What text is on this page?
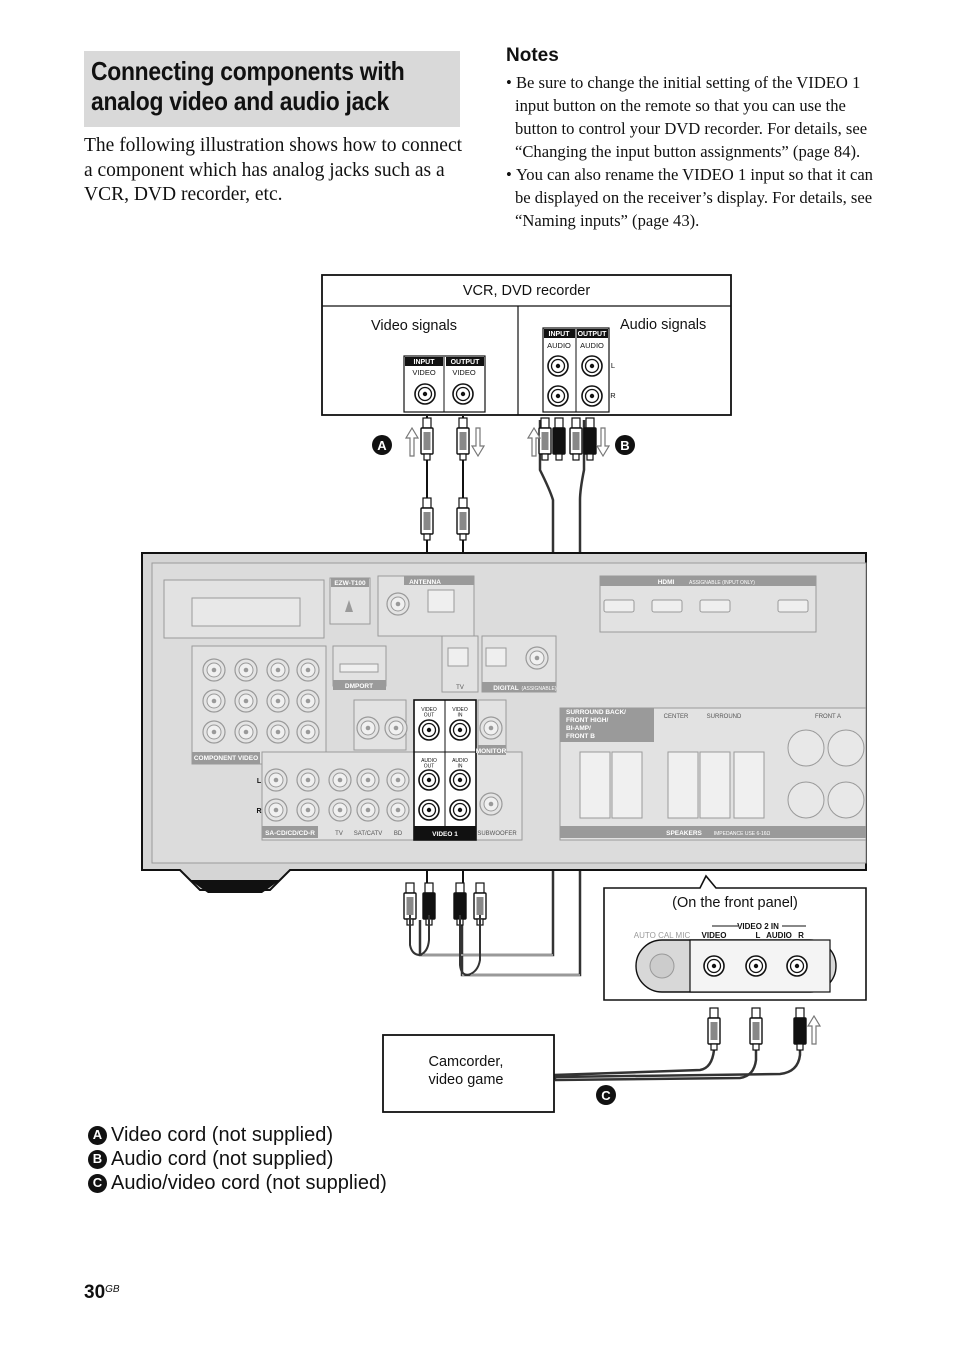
Connecting components with
analog video and audio jack
The following illustration shows how to connect a component which has analog jacks such as a VCR, DVD recorder, etc.
Notes
• Be sure to change the initial setting of the VIDEO 1 input button on the remote so that you can use the button to control your DVD recorder. For details, see “Changing the input button assignments” (page 84).
• You can also rename the VIDEO 1 input so that it can be displayed on the receiver’s display. For details, see “Naming inputs” (page 43).
A	B
C
INPUT OUTPUT
INPUT OUTPUT
VIDEO VIDEO
AUDIO AUDIO
L
R
EZW-T100	ANTENNA	HDMI
DMPORT	DIGITAL
COMPONENT VIDEO
SA-CD/CD/CD-R	VIDEO 1
MONITOR
SPEAKERS
ASSIGNABLE (INPUT ONLY)
(ASSIGNABLE)
IMPEDANCE USE 6-16Ω
TV
TV SAT/CATV BD	SUBWOOFER
CENTER	SURROUND	FRONT A
VIDEO OUT
VIDEO IN
AUDIO OUT
AUDIO IN
L
R
VIDEO 2 IN
AUTO CAL MIC VIDEO	L AUDIO R
VCR, DVD recorder
Video signals	Audio signals
(On the front panel)
Camcorder,
video game
SURROUND BACK/
FRONT HIGH/
BI-AMP/
FRONT B
A Video cord (not supplied)
B Audio cord (not supplied)
C Audio/video cord (not supplied)
$30^{GB}$
